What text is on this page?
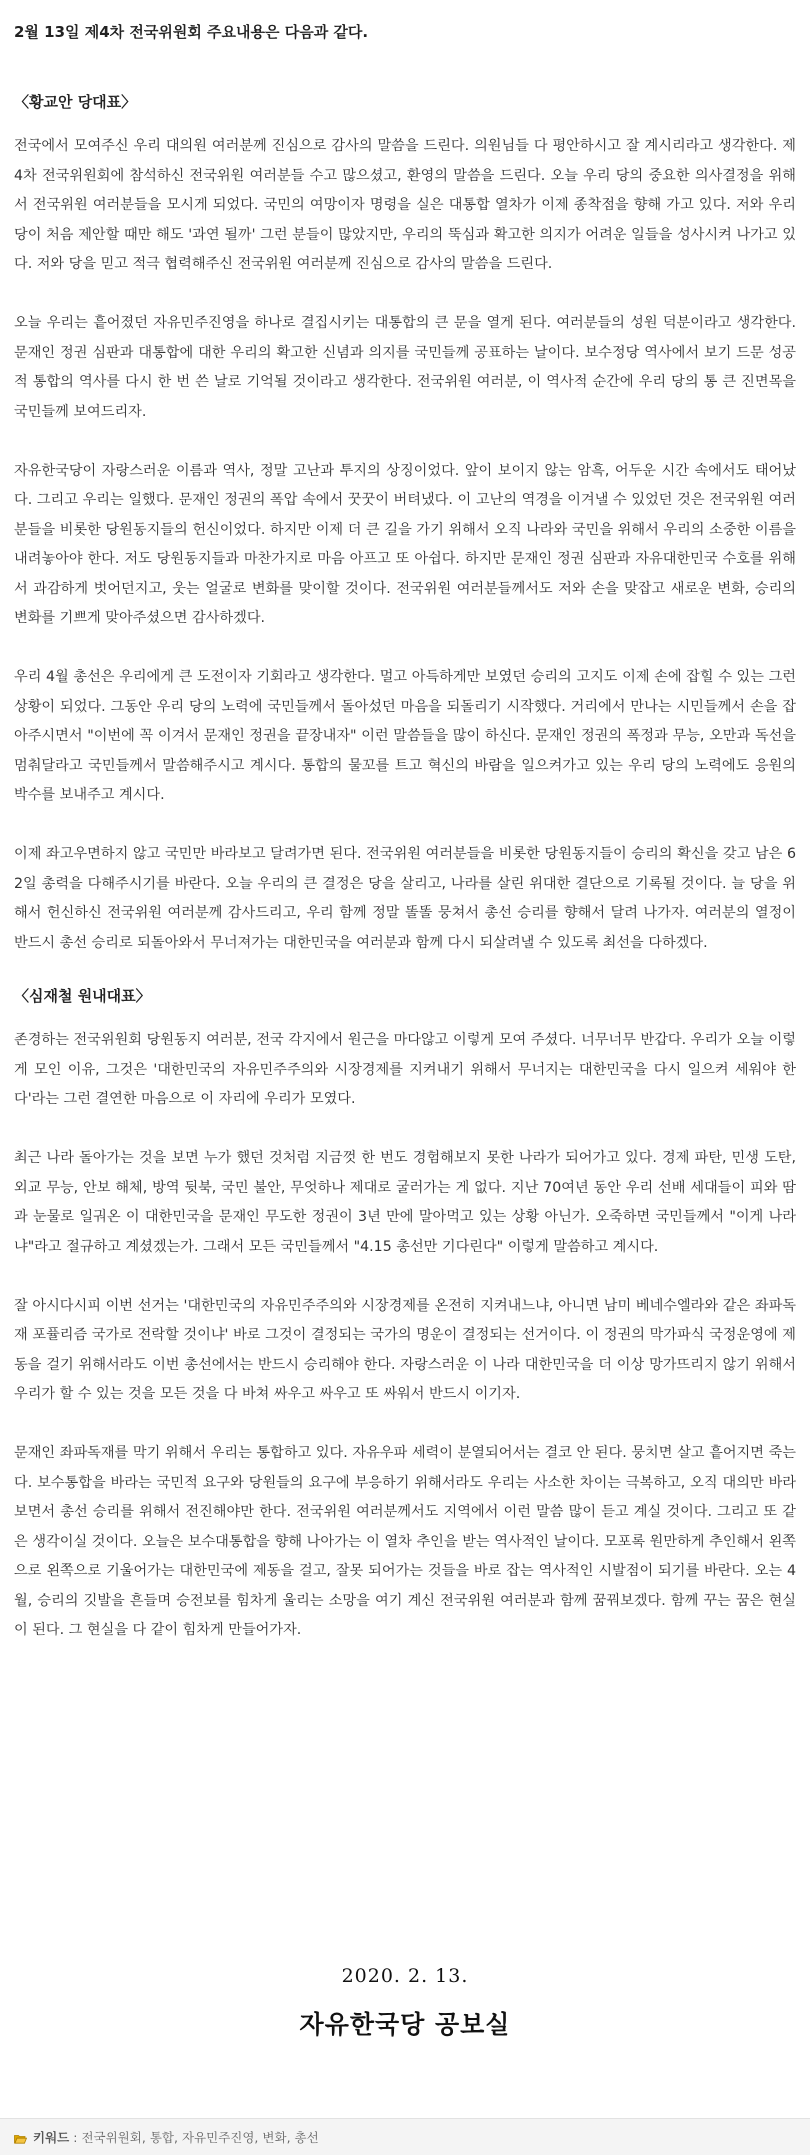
2월 13일 제4차 전국위원회 주요내용은 다음과 같다.

〈황교안 당대표〉

전국에서 모여주신 우리 대의원 여러분께 진심으로 감사의 말씀을 드린다. 의원님들 다 평안하시고 잘 계시리라고 생각한다. 제4차 전국위원회에 참석하신 전국위원 여러분들 수고 많으셨고, 환영의 말씀을 드린다. 오늘 우리 당의 중요한 의사결정을 위해서 전국위원 여러분들을 모시게 되었다. 국민의 여망이자 명령을 실은 대통합 열차가 이제 종착점을 향해 가고 있다. 저와 우리 당이 처음 제안할 때만 해도 '과연 될까' 그런 분들이 많았지만, 우리의 뚝심과 확고한 의지가 어려운 일들을 성사시켜 나가고 있다. 저와 당을 믿고 적극 협력해주신 전국위원 여러분께 진심으로 감사의 말씀을 드린다.

오늘 우리는 흩어졌던 자유민주진영을 하나로 결집시키는 대통합의 큰 문을 열게 된다. 여러분들의 성원 덕분이라고 생각한다. 문재인 정권 심판과 대통합에 대한 우리의 확고한 신념과 의지를 국민들께 공표하는 날이다. 보수정당 역사에서 보기 드문 성공적 통합의 역사를 다시 한 번 쓴 날로 기억될 것이라고 생각한다. 전국위원 여러분, 이 역사적 순간에 우리 당의 통 큰 진면목을 국민들께 보여드리자.

자유한국당이 자랑스러운 이름과 역사, 정말 고난과 투지의 상징이었다. 앞이 보이지 않는 암흑, 어두운 시간 속에서도 태어났다. 그리고 우리는 일했다. 문재인 정권의 폭압 속에서 꿋꿋이 버텨냈다. 이 고난의 역경을 이겨낼 수 있었던 것은 전국위원 여러분들을 비롯한 당원동지들의 헌신이었다. 하지만 이제 더 큰 길을 가기 위해서 오직 나라와 국민을 위해서 우리의 소중한 이름을 내려놓아야 한다. 저도 당원동지들과 마찬가지로 마음 아프고 또 아쉽다. 하지만 문재인 정권 심판과 자유대한민국 수호를 위해서 과감하게 벗어던지고, 웃는 얼굴로 변화를 맞이할 것이다. 전국위원 여러분들께서도 저와 손을 맞잡고 새로운 변화, 승리의 변화를 기쁘게 맞아주셨으면 감사하겠다.

우리 4월 총선은 우리에게 큰 도전이자 기회라고 생각한다. 멀고 아득하게만 보였던 승리의 고지도 이제 손에 잡힐 수 있는 그런 상황이 되었다. 그동안 우리 당의 노력에 국민들께서 돌아섰던 마음을 되돌리기 시작했다. 거리에서 만나는 시민들께서 손을 잡아주시면서 "이번에 꼭 이겨서 문재인 정권을 끝장내자" 이런 말씀들을 많이 하신다. 문재인 정권의 폭정과 무능, 오만과 독선을 멈춰달라고 국민들께서 말씀해주시고 계시다. 통합의 물꼬를 트고 혁신의 바람을 일으켜가고 있는 우리 당의 노력에도 응원의 박수를 보내주고 계시다.

이제 좌고우면하지 않고 국민만 바라보고 달려가면 된다. 전국위원 여러분들을 비롯한 당원동지들이 승리의 확신을 갖고 남은 62일 총력을 다해주시기를 바란다. 오늘 우리의 큰 결정은 당을 살리고, 나라를 살린 위대한 결단으로 기록될 것이다. 늘 당을 위해서 헌신하신 전국위원 여러분께 감사드리고, 우리 함께 정말 똘똘 뭉쳐서 총선 승리를 향해서 달려 나가자. 여러분의 열정이 반드시 총선 승리로 되돌아와서 무너져가는 대한민국을 여러분과 함께 다시 되살려낼 수 있도록 최선을 다하겠다.

〈심재철 원내대표〉

존경하는 전국위원회 당원동지 여러분, 전국 각지에서 원근을 마다않고 이렇게 모여 주셨다. 너무너무 반갑다. 우리가 오늘 이렇게 모인 이유, 그것은 '대한민국의 자유민주주의와 시장경제를 지켜내기 위해서 무너지는 대한민국을 다시 일으켜 세워야 한다'라는 그런 결연한 마음으로 이 자리에 우리가 모였다.

최근 나라 돌아가는 것을 보면 누가 했던 것처럼 지금껏 한 번도 경험해보지 못한 나라가 되어가고 있다. 경제 파탄, 민생 도탄, 외교 무능, 안보 해체, 방역 뒷북, 국민 불안, 무엇하나 제대로 굴러가는 게 없다. 지난 70여년 동안 우리 선배 세대들이 피와 땀과 눈물로 일궈온 이 대한민국을 문재인 무도한 정권이 3년 만에 말아먹고 있는 상황 아닌가. 오죽하면 국민들께서 "이게 나라냐"라고 절규하고 계셨겠는가. 그래서 모든 국민들께서 "4.15 총선만 기다린다" 이렇게 말씀하고 계시다.

잘 아시다시피 이번 선거는 '대한민국의 자유민주주의와 시장경제를 온전히 지켜내느냐, 아니면 남미 베네수엘라와 같은 좌파독재 포퓰리즘 국가로 전락할 것이냐' 바로 그것이 결정되는 국가의 명운이 결정되는 선거이다. 이 정권의 막가파식 국정운영에 제동을 걸기 위해서라도 이번 총선에서는 반드시 승리해야 한다. 자랑스러운 이 나라 대한민국을 더 이상 망가뜨리지 않기 위해서 우리가 할 수 있는 것을 모든 것을 다 바쳐 싸우고 싸우고 또 싸워서 반드시 이기자.

문재인 좌파독재를 막기 위해서 우리는 통합하고 있다. 자유우파 세력이 분열되어서는 결코 안 된다. 뭉치면 살고 흩어지면 죽는다. 보수통합을 바라는 국민적 요구와 당원들의 요구에 부응하기 위해서라도 우리는 사소한 차이는 극복하고, 오직 대의만 바라보면서 총선 승리를 위해서 전진해야만 한다. 전국위원 여러분께서도 지역에서 이런 말씀 많이 듣고 계실 것이다. 그리고 또 같은 생각이실 것이다. 오늘은 보수대통합을 향해 나아가는 이 열차 추인을 받는 역사적인 날이다. 모포록 원만하게 추인해서 왼쪽으로 왼쪽으로 기울어가는 대한민국에 제동을 걸고, 잘못 되어가는 것들을 바로 잡는 역사적인 시발점이 되기를 바란다. 오는 4월, 승리의 깃발을 흔들며 승전보를 힘차게 울리는 소망을 여기 계신 전국위원 여러분과 함께 꿈꿔보겠다. 함께 꾸는 꿈은 현실이 된다. 그 현실을 다 같이 힘차게 만들어가자.

2020. 2. 13.
자유한국당 공보실
키워드 : 전국위원회 , 통합 , 자유민주진영 , 변화 , 총선
